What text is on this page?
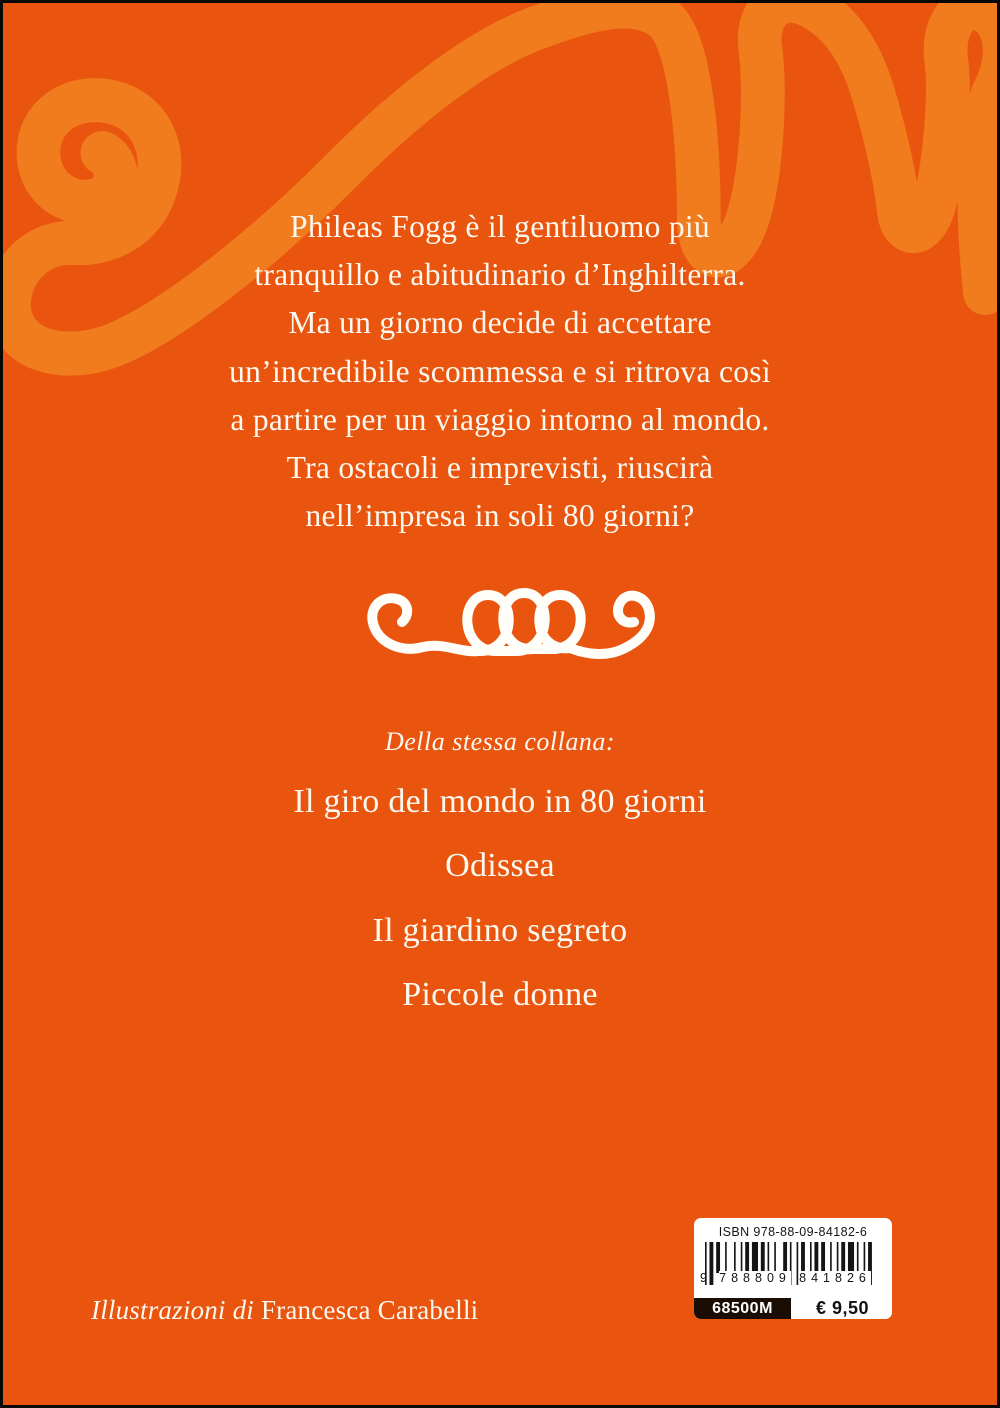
Phileas Fogg è il gentiluomo più
tranquillo e abitudinario d’Inghilterra.
Ma un giorno decide di accettare
un’incredibile scommessa e si ritrova così
a partire per un viaggio intorno al mondo.
Tra ostacoli e imprevisti, riuscirà
nell’impresa in soli 80 giorni?
Della stessa collana:
Il giro del mondo in 80 giorni
Odissea
Il giardino segreto
Piccole donne
Illustrazioni di Francesca Carabelli
ISBN 978-88-09-84182-6
9 788809 841826
68500M	€ 9,50
